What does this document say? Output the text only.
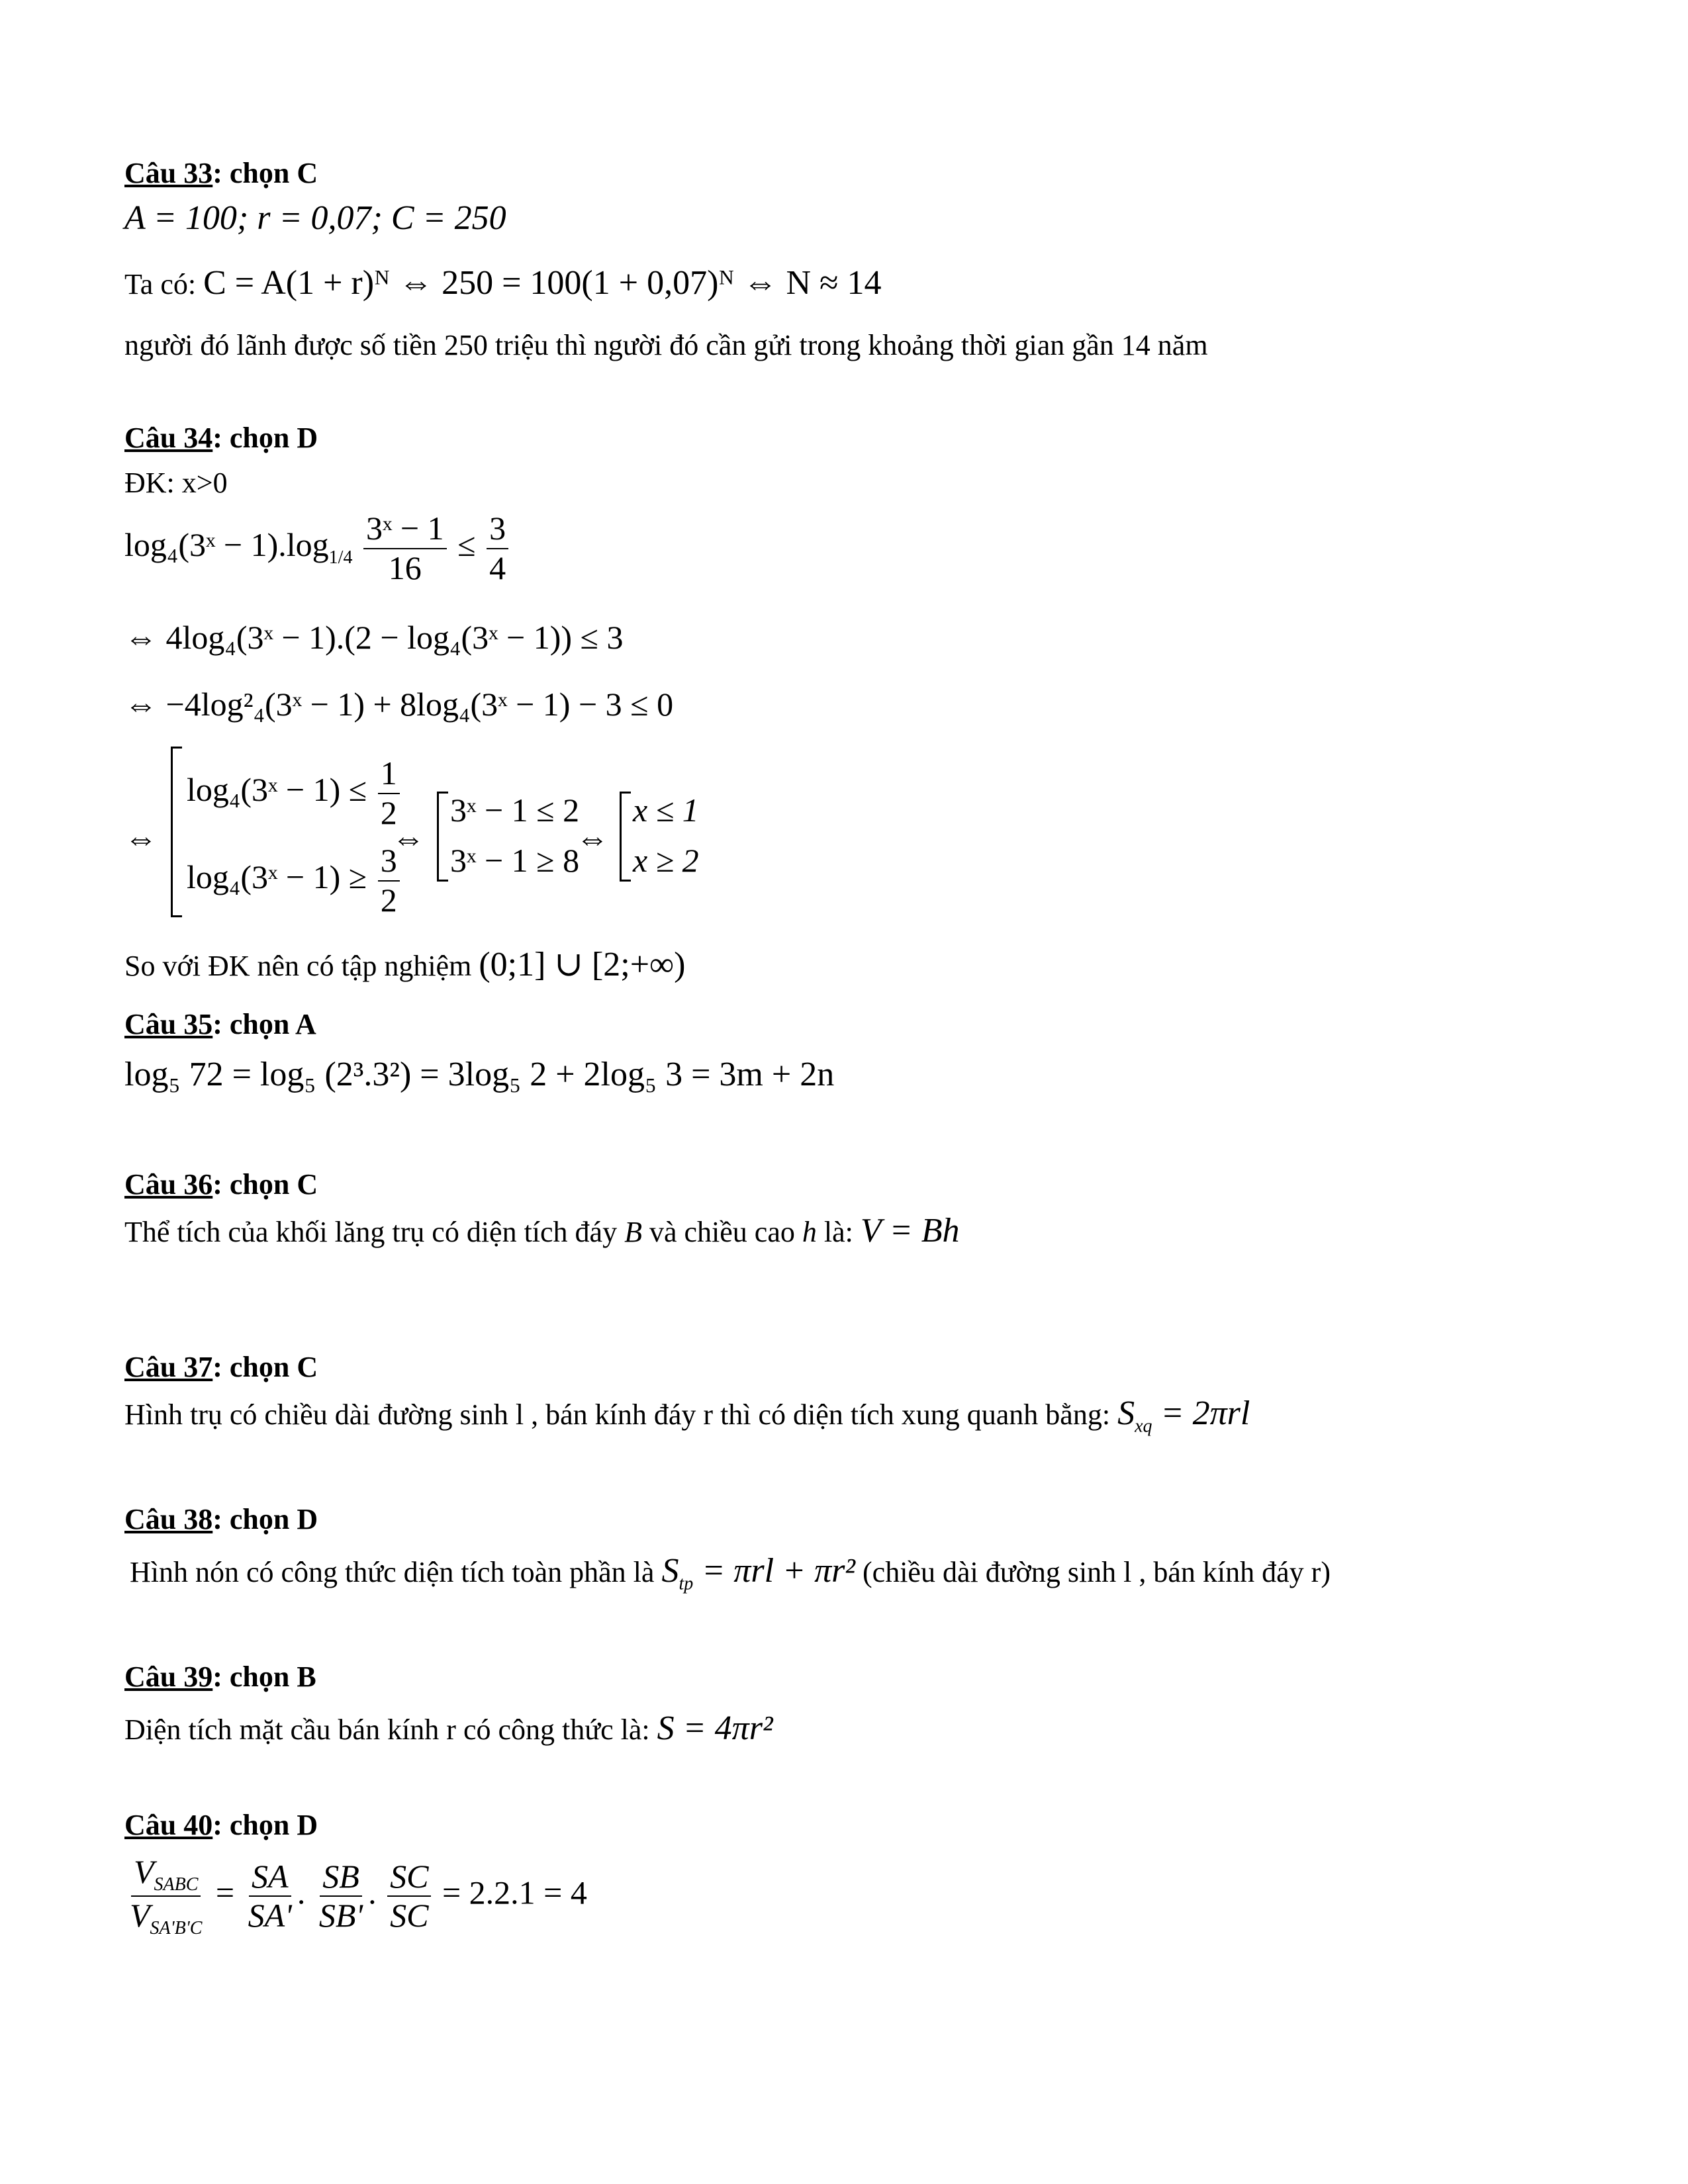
Câu 33: chọn C
A = 100; r = 0,07; C = 250
Ta có: C = A(1 + r)ᴺ ⇔ 250 = 100(1 + 0,07)ᴺ ⇔ N ≈ 14
người đó lãnh được số tiền 250 triệu thì người đó cần gửi trong khoảng thời gian gần 14 năm
Câu 34: chọn D
ĐK: x>0
log₄(3ˣ − $1).\log_{1/4} \frac{\text{3ˣ − 1}}{16} \le \frac{3}{4}$
⇔ 4log₄(3ˣ − 1).(2 − log₄(3ˣ − 1)) ≤ 3
⇔ −4log²₄(3ˣ − 1) + 8log₄(3ˣ − 1) − 3 ≤ 0
⇔
log₄(3ˣ − $1) \le \frac{1}{2}$
log₄(3ˣ − $1) \ge \frac{3}{2}$
⇔
3ˣ − 1 ≤ 2
3ˣ − 1 ≥ 8
⇔
x ≤ 1
x ≥ 2
So với ĐK nên có tập nghiệm (0;1] ∪ [2;+∞)
Câu 35: chọn A
log₅ 72 = log₅ (2³.3²) = 3log₅ 2 + 2log₅ 3 = 3m + 2n
Câu 36: chọn C
Thể tích của khối lăng trụ có diện tích đáy B và chiều cao h là: V = Bh
Câu 37: chọn C
Hình trụ có chiều dài đường sinh l , bán kính đáy r thì có diện tích xung quanh bằng: $S_{xq} = 2\pi rl$
Câu 38: chọn D
Hình nón có công thức diện tích toàn phần là $S_{tp} = \pi rl + \pi r^2$ (chiều dài đường sinh l , bán kính đáy r)
Câu 39: chọn B
Diện tích mặt cầu bán kính r có công thức là: S = 4πr²
Câu 40: chọn D
$\frac{V_{SABC}}{V_{SA'B'C}} = \frac{SA}{SA'}$ . $\frac{SB}{SB'}$ . $\frac{SC}{SC} = 2.2.1 = 4$
